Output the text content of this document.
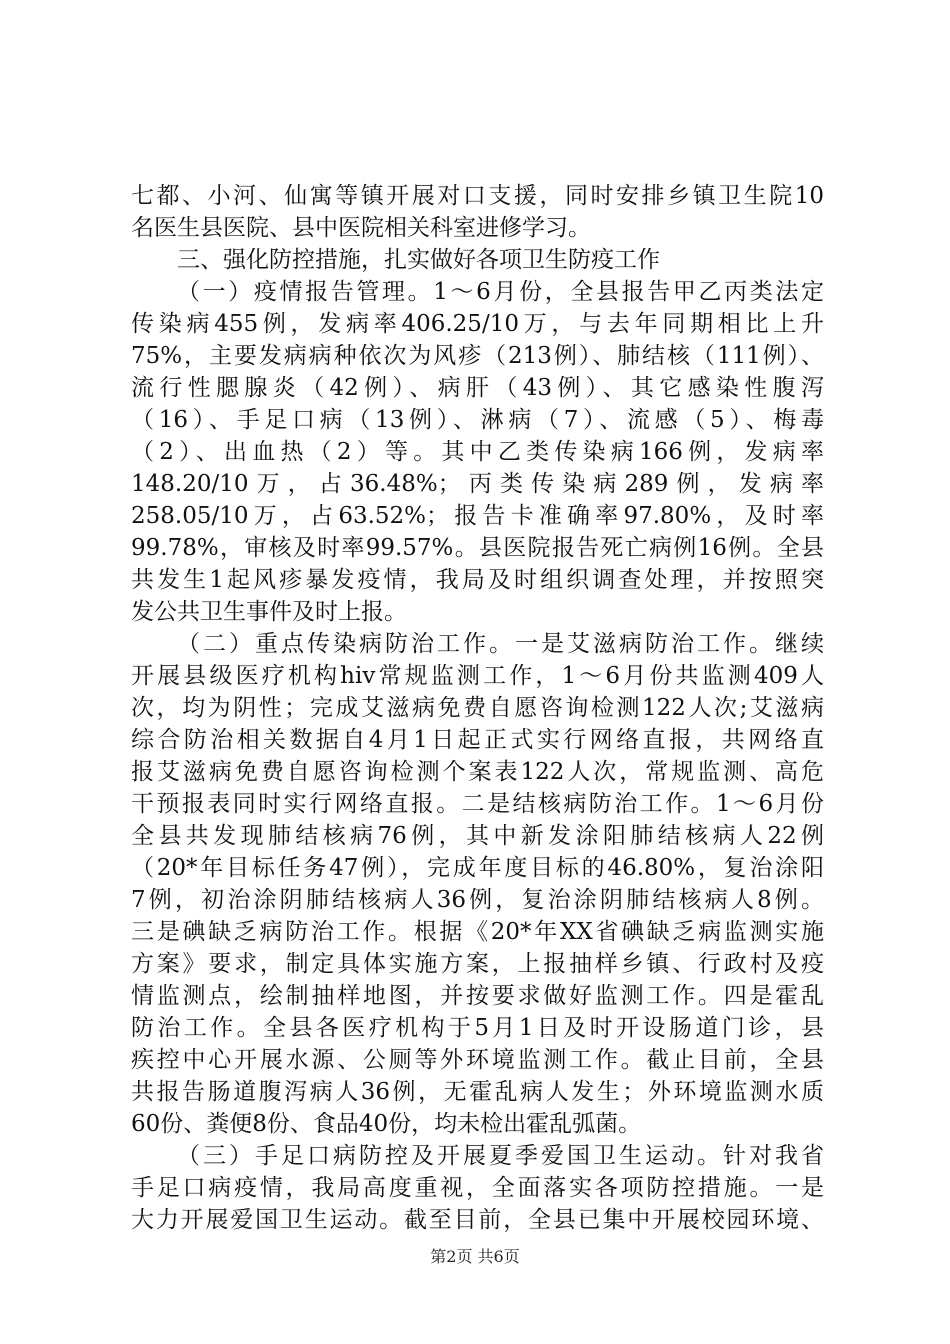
七都、小河、仙寓等镇开展对口支援，同时安排乡镇卫生院10
名医生县医院、县中医院相关科室进修学习。
三、强化防控措施，扎实做好各项卫生防疫工作
（一）疫情报告管理。1～6月份，全县报告甲乙丙类法定
传染病455例，发病率406.25/10万，与去年同期相比上升
75%，主要发病病种依次为风疹（213例）、肺结核（111例）、
流行性腮腺炎（42例）、病肝（43例）、其它感染性腹泻
（16）、手足口病（13例）、淋病（7）、流感（5）、梅毒
（2）、出血热（2）等。其中乙类传染病166例，发病率
148.20/10万，占36.48%；丙类传染病289例，发病率
258.05/10万，占63.52%；报告卡准确率97.80%，及时率
99.78%，审核及时率99.57%。县医院报告死亡病例16例。全县
共发生1起风疹暴发疫情，我局及时组织调查处理，并按照突
发公共卫生事件及时上报。
（二）重点传染病防治工作。一是艾滋病防治工作。继续
开展县级医疗机构hiv常规监测工作，1～6月份共监测409人
次，均为阴性；完成艾滋病免费自愿咨询检测122人次;艾滋病
综合防治相关数据自4月1日起正式实行网络直报，共网络直
报艾滋病免费自愿咨询检测个案表122人次，常规监测、高危
干预报表同时实行网络直报。二是结核病防治工作。1～6月份
全县共发现肺结核病76例，其中新发涂阳肺结核病人22例
（20*年目标任务47例），完成年度目标的46.80%，复治涂阳
7例，初治涂阴肺结核病人36例，复治涂阴肺结核病人8例。
三是碘缺乏病防治工作。根据《20*年XX省碘缺乏病监测实施
方案》要求，制定具体实施方案，上报抽样乡镇、行政村及疫
情监测点，绘制抽样地图，并按要求做好监测工作。四是霍乱
防治工作。全县各医疗机构于5月1日及时开设肠道门诊，县
疾控中心开展水源、公厕等外环境监测工作。截止目前，全县
共报告肠道腹泻病人36例，无霍乱病人发生；外环境监测水质
60份、粪便8份、食品40份，均未检出霍乱弧菌。
（三）手足口病防控及开展夏季爱国卫生运动。针对我省
手足口病疫情，我局高度重视，全面落实各项防控措施。一是
大力开展爱国卫生运动。截至目前，全县已集中开展校园环境、
第2页 共6页
